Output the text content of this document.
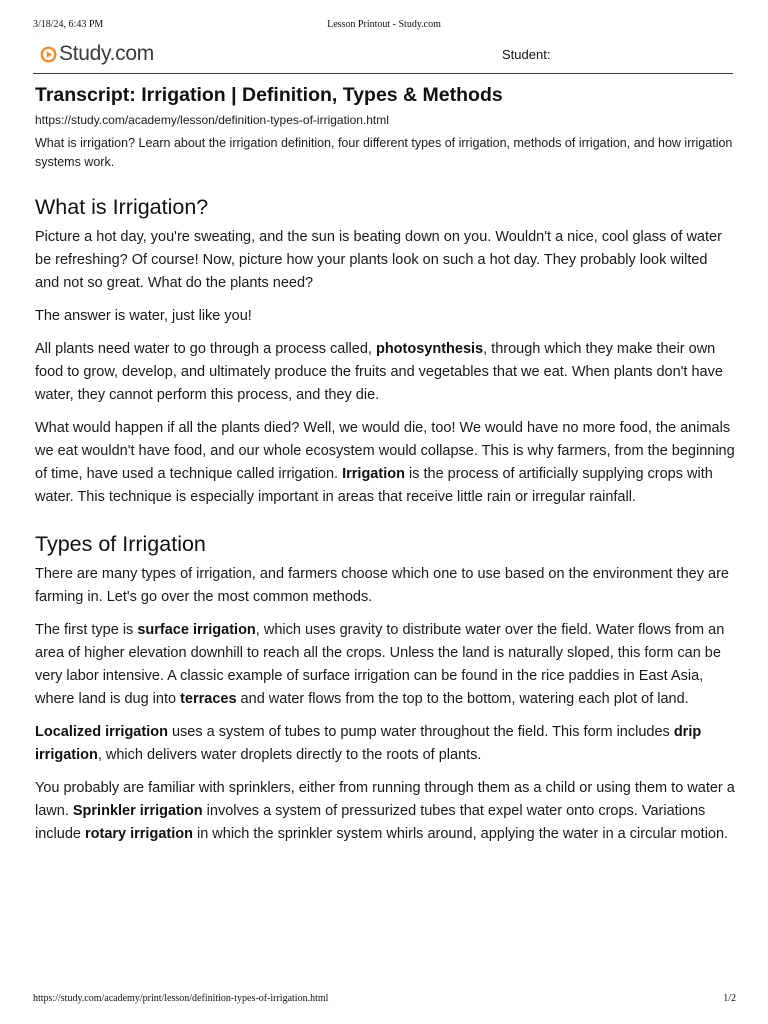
3/18/24, 6:43 PM	Lesson Printout - Study.com
Study.com	Student:
Transcript: Irrigation | Definition, Types & Methods
https://study.com/academy/lesson/definition-types-of-irrigation.html
What is irrigation? Learn about the irrigation definition, four different types of irrigation, methods of irrigation, and how irrigation systems work.
What is Irrigation?

Picture a hot day, you're sweating, and the sun is beating down on you. Wouldn't a nice, cool glass of water be refreshing? Of course! Now, picture how your plants look on such a hot day. They probably look wilted and not so great. What do the plants need?

The answer is water, just like you!

All plants need water to go through a process called, photosynthesis, through which they make their own food to grow, develop, and ultimately produce the fruits and vegetables that we eat. When plants don't have water, they cannot perform this process, and they die.

What would happen if all the plants died? Well, we would die, too! We would have no more food, the animals we eat wouldn't have food, and our whole ecosystem would collapse. This is why farmers, from the beginning of time, have used a technique called irrigation. Irrigation is the process of artificially supplying crops with water. This technique is especially important in areas that receive little rain or irregular rainfall.

Types of Irrigation

There are many types of irrigation, and farmers choose which one to use based on the environment they are farming in. Let's go over the most common methods.

The first type is surface irrigation, which uses gravity to distribute water over the field. Water flows from an area of higher elevation downhill to reach all the crops. Unless the land is naturally sloped, this form can be very labor intensive. A classic example of surface irrigation can be found in the rice paddies in East Asia, where land is dug into terraces and water flows from the top to the bottom, watering each plot of land.

Localized irrigation uses a system of tubes to pump water throughout the field. This form includes drip irrigation, which delivers water droplets directly to the roots of plants.

You probably are familiar with sprinklers, either from running through them as a child or using them to water a lawn. Sprinkler irrigation involves a system of pressurized tubes that expel water onto crops. Variations include rotary irrigation in which the sprinkler system whirls around, applying the water in a circular motion.

https://study.com/academy/print/lesson/definition-types-of-irrigation.html	1/2
